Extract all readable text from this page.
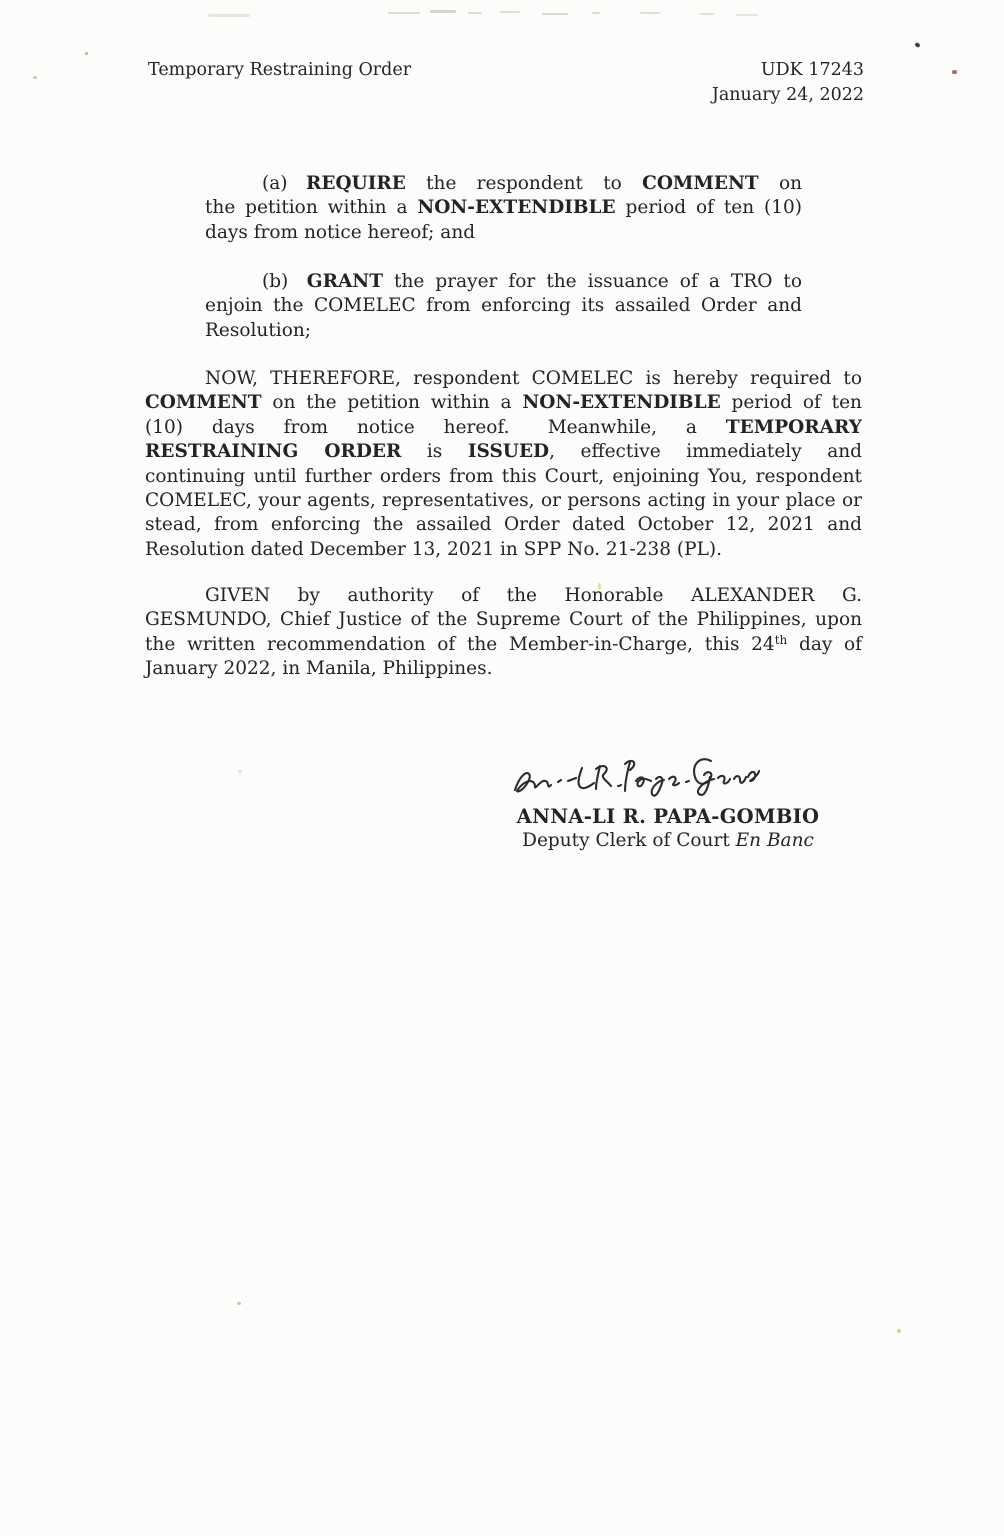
Temporary Restraining Order	UDK 17243
January 24, 2022
(a) REQUIRE the respondent to COMMENT on
the petition within a NON-EXTENDIBLE period of ten (10)
days from notice hereof; and
(b) GRANT the prayer for the issuance of a TRO to
enjoin the COMELEC from enforcing its assailed Order and
Resolution;
NOW, THEREFORE, respondent COMELEC is hereby required to
COMMENT on the petition within a NON-EXTENDIBLE period of ten
(10) days from notice hereof.  Meanwhile, a TEMPORARY
RESTRAINING ORDER is ISSUED, effective immediately and
continuing until further orders from this Court, enjoining You, respondent
COMELEC, your agents, representatives, or persons acting in your place or
stead, from enforcing the assailed Order dated October 12, 2021 and
Resolution dated December 13, 2021 in SPP No. 21-238 (PL).
GIVEN by authority of the Honorable ALEXANDER G.
GESMUNDO, Chief Justice of the Supreme Court of the Philippines, upon
the written recommendation of the Member-in-Charge, this 24th day of
January 2022, in Manila, Philippines.
ANNA-LI R. PAPA-GOMBIO
Deputy Clerk of Court En Banc
